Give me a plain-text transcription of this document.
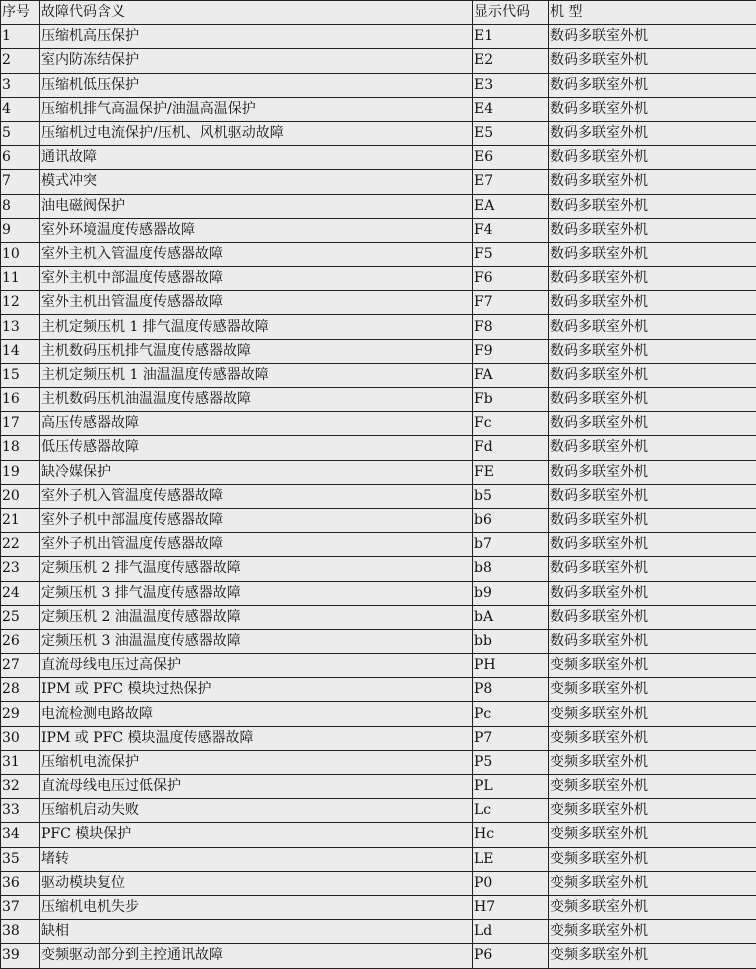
序号	故障代码含义	显示代码	机 型
1	压缩机高压保护	E1	数码多联室外机
2	室内防冻结保护	E2	数码多联室外机
3	压缩机低压保护	E3	数码多联室外机
4	压缩机排气高温保护/油温高温保护	E4	数码多联室外机
5	压缩机过电流保护/压机、风机驱动故障	E5	数码多联室外机
6	通讯故障	E6	数码多联室外机
7	模式冲突	E7	数码多联室外机
8	油电磁阀保护	EA	数码多联室外机
9	室外环境温度传感器故障	F4	数码多联室外机
10	室外主机入管温度传感器故障	F5	数码多联室外机
11	室外主机中部温度传感器故障	F6	数码多联室外机
12	室外主机出管温度传感器故障	F7	数码多联室外机
13	主机定频压机 1 排气温度传感器故障	F8	数码多联室外机
14	主机数码压机排气温度传感器故障	F9	数码多联室外机
15	主机定频压机 1 油温温度传感器故障	FA	数码多联室外机
16	主机数码压机油温温度传感器故障	Fb	数码多联室外机
17	高压传感器故障	Fc	数码多联室外机
18	低压传感器故障	Fd	数码多联室外机
19	缺冷媒保护	FE	数码多联室外机
20	室外子机入管温度传感器故障	b5	数码多联室外机
21	室外子机中部温度传感器故障	b6	数码多联室外机
22	室外子机出管温度传感器故障	b7	数码多联室外机
23	定频压机 2 排气温度传感器故障	b8	数码多联室外机
24	定频压机 3 排气温度传感器故障	b9	数码多联室外机
25	定频压机 2 油温温度传感器故障	bA	数码多联室外机
26	定频压机 3 油温温度传感器故障	bb	数码多联室外机
27	直流母线电压过高保护	PH	变频多联室外机
28	IPM 或 PFC 模块过热保护	P8	变频多联室外机
29	电流检测电路故障	Pc	变频多联室外机
30	IPM 或 PFC 模块温度传感器故障	P7	变频多联室外机
31	压缩机电流保护	P5	变频多联室外机
32	直流母线电压过低保护	PL	变频多联室外机
33	压缩机启动失败	Lc	变频多联室外机
34	PFC 模块保护	Hc	变频多联室外机
35	堵转	LE	变频多联室外机
36	驱动模块复位	P0	变频多联室外机
37	压缩机电机失步	H7	变频多联室外机
38	缺相	Ld	变频多联室外机
39	变频驱动部分到主控通讯故障	P6	变频多联室外机
